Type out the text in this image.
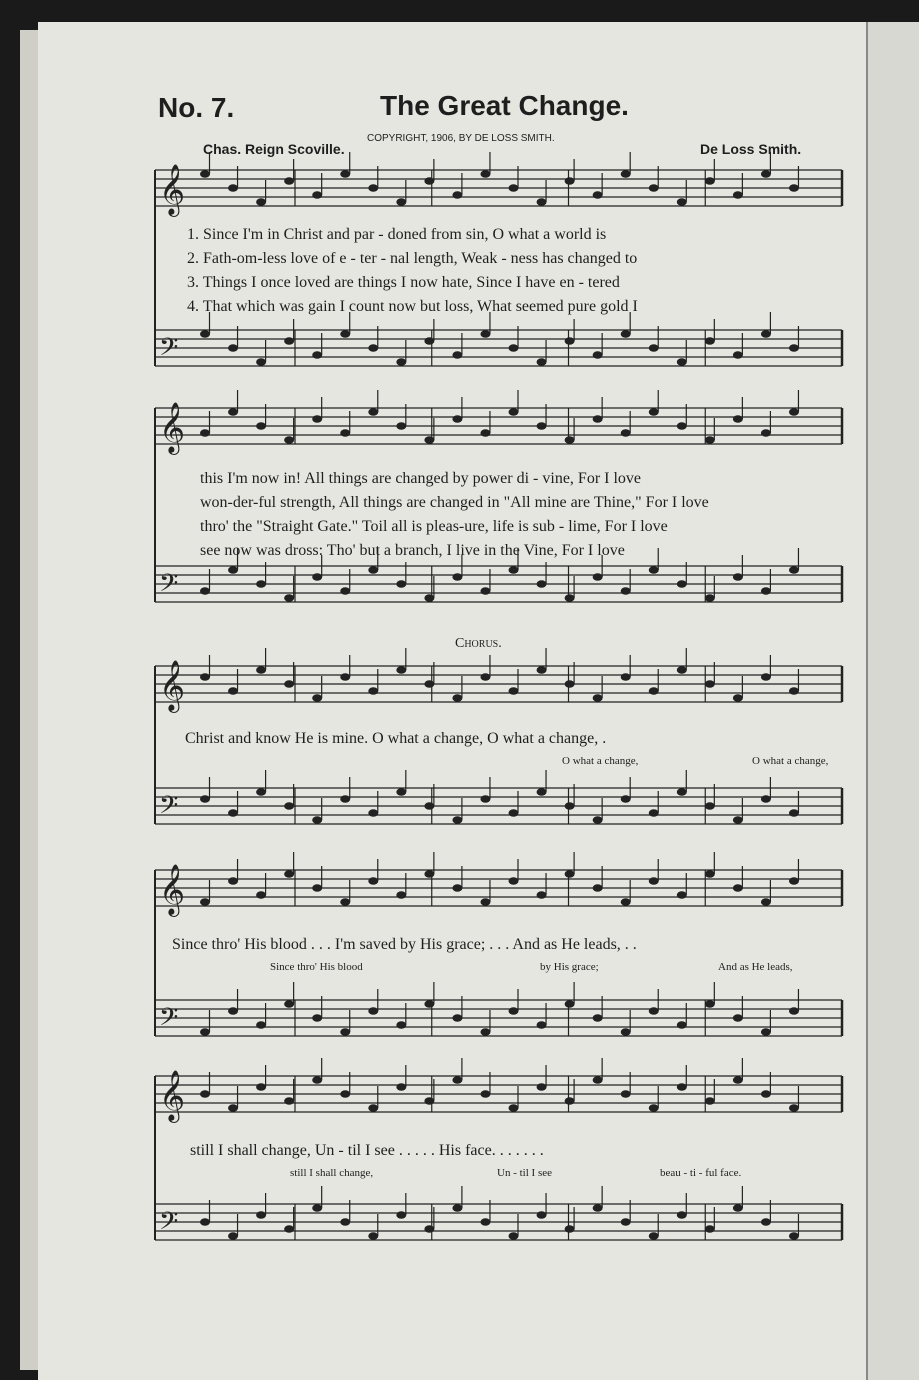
No. 7.	The Great Change.
COPYRIGHT, 1906, BY DE LOSS SMITH.
Chas. Reign Scoville.	De Loss Smith.
𝄞
𝄢
𝄞
𝄢
𝄞
𝄢
𝄞
𝄢
𝄞
𝄢
1. Since I'm in Christ and par - doned from sin, O what a world is
2. Fath-om-less love of e - ter - nal length, Weak - ness has changed to
3. Things I once loved are things I now hate, Since I have en - tered
4. That which was gain I count now but loss, What seemed pure gold I
this I'm now in! All things are changed by power di - vine, For I love
won-der-ful strength, All things are changed in "All mine are Thine," For I love
thro' the "Straight Gate." Toil all is pleas-ure, life is sub - lime, For I love
see now was dross: Tho' but a branch, I live in the Vine, For I love
Chorus.
Christ and know He is mine. O what a change, O what a change, .
O what a change,	O what a change,
Since thro' His blood . . . I'm saved by His grace; . . . And as He leads, . .
Since thro' His blood	by His grace;	And as He leads,
still I shall change, Un - til I see . . . . . His face. . . . . . .
still I shall change,	Un - til I see	beau - ti - ful face.
